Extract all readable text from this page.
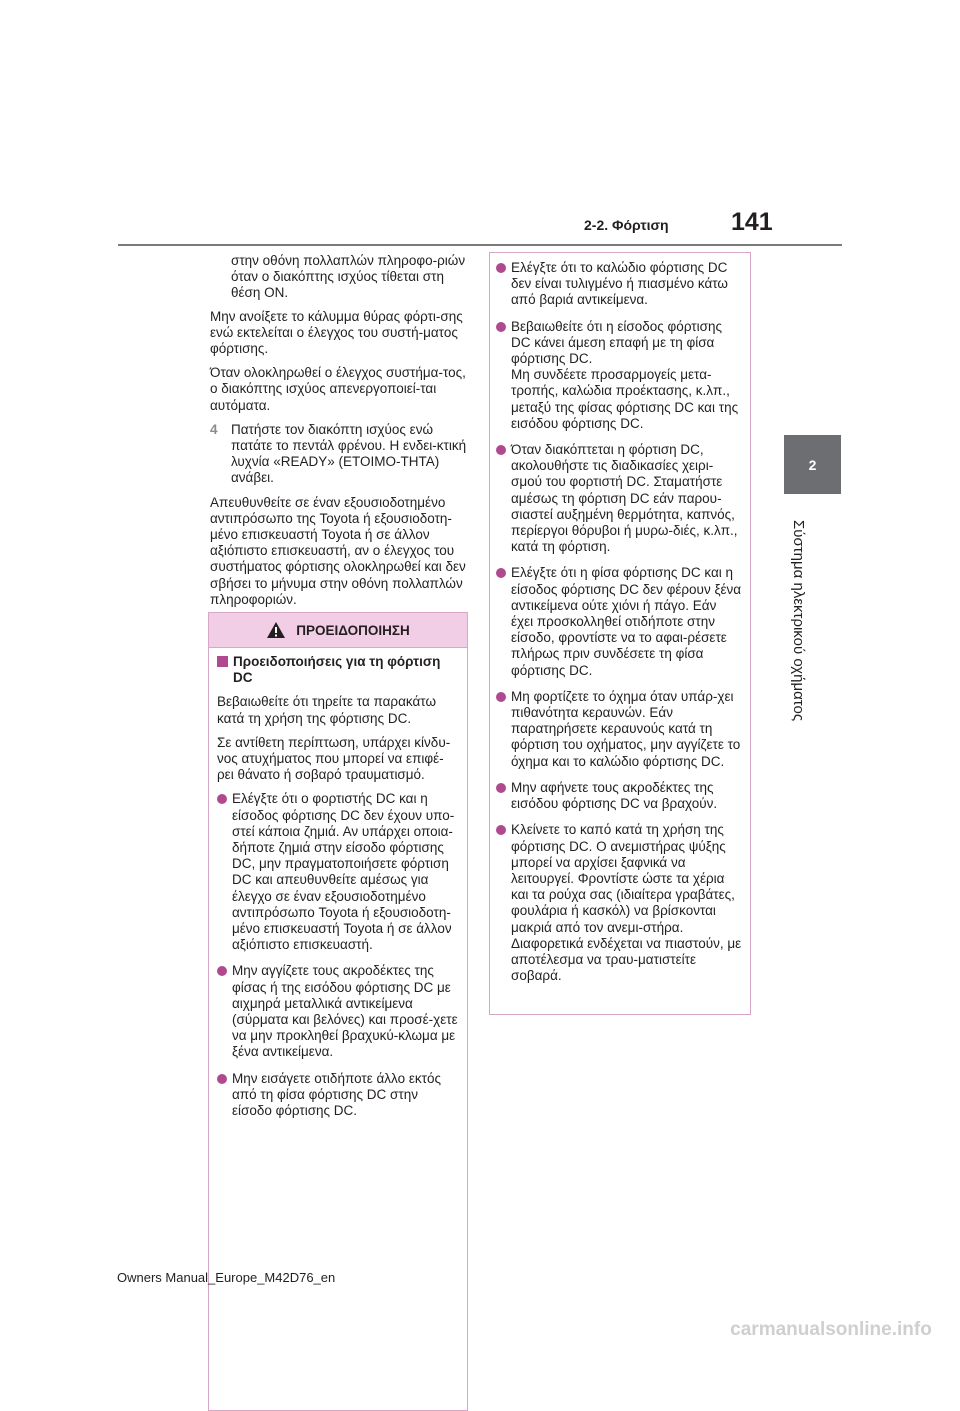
2-2. Φόρτιση 141
2
Σύστημα ηλεκτρικού οχήματος

στην οθόνη πολλαπλών πληροφο-ριών όταν ο διακόπτης ισχύος τίθεται στη θέση ON.

Μην ανοίξετε το κάλυμμα θύρας φόρτι-σης ενώ εκτελείται ο έλεγχος του συστή-ματος φόρτισης.

Όταν ολοκληρωθεί ο έλεγχος συστήμα-τος, ο διακόπτης ισχύος απενεργοποιεί-ται αυτόματα.

4 Πατήστε τον διακόπτη ισχύος ενώ πατάτε το πεντάλ φρένου. Η ενδει-κτική λυχνία «READY» (ΕΤΟΙΜΟ-ΤΗΤΑ) ανάβει.

Απευθυνθείτε σε έναν εξουσιοδοτημένο αντιπρόσωπο της Toyota ή εξουσιοδοτη-μένο επισκευαστή Toyota ή σε άλλον αξιόπιστο επισκευαστή, αν ο έλεγχος του συστήματος φόρτισης ολοκληρωθεί και δεν σβήσει το μήνυμα στην οθόνη πολλαπλών πληροφοριών.

ΠΡΟΕΙΔΟΠΟΙΗΣΗ
Προειδοποιήσεις για τη φόρτιση DC

Βεβαιωθείτε ότι τηρείτε τα παρακάτω κατά τη χρήση της φόρτισης DC.

Σε αντίθετη περίπτωση, υπάρχει κίνδυ-νος ατυχήματος που μπορεί να επιφέ-ρει θάνατο ή σοβαρό τραυματισμό.

Ελέγξτε ότι ο φορτιστής DC και η είσοδος φόρτισης DC δεν έχουν υπο-στεί κάποια ζημιά. Αν υπάρχει οποια-δήποτε ζημιά στην είσοδο φόρτισης DC, μην πραγματοποιήσετε φόρτιση DC και απευθυνθείτε αμέσως για έλεγχο σε έναν εξουσιοδοτημένο αντιπρόσωπο Toyota ή εξουσιοδοτη-μένο επισκευαστή Toyota ή σε άλλον αξιόπιστο επισκευαστή.
Μην αγγίζετε τους ακροδέκτες της φίσας ή της εισόδου φόρτισης DC με αιχμηρά μεταλλικά αντικείμενα (σύρματα και βελόνες) και προσέ-χετε να μην προκληθεί βραχυκύ-κλωμα με ξένα αντικείμενα.
Μην εισάγετε οτιδήποτε άλλο εκτός από τη φίσα φόρτισης DC στην είσοδο φόρτισης DC.
Ελέγξτε ότι το καλώδιο φόρτισης DC δεν είναι τυλιγμένο ή πιασμένο κάτω από βαριά αντικείμενα.
Βεβαιωθείτε ότι η είσοδος φόρτισης DC κάνει άμεση επαφή με τη φίσα φόρτισης DC.
Μη συνδέετε προσαρμογείς μετα-τροπής, καλώδια προέκτασης, κ.λπ., μεταξύ της φίσας φόρτισης DC και της εισόδου φόρτισης DC.
Όταν διακόπτεται η φόρτιση DC, ακολουθήστε τις διαδικασίες χειρι-σμού του φορτιστή DC. Σταματήστε αμέσως τη φόρτιση DC εάν παρου-σιαστεί αυξημένη θερμότητα, καπνός, περίεργοι θόρυβοι ή μυρω-διές, κ.λπ., κατά τη φόρτιση.
Ελέγξτε ότι η φίσα φόρτισης DC και η είσοδος φόρτισης DC δεν φέρουν ξένα αντικείμενα ούτε χιόνι ή πάγο. Εάν έχει προσκολληθεί οτιδήποτε στην είσοδο, φροντίστε να το αφαι-ρέσετε πλήρως πριν συνδέσετε τη φίσα φόρτισης DC.
Μη φορτίζετε το όχημα όταν υπάρ-χει πιθανότητα κεραυνών. Εάν παρατηρήσετε κεραυνούς κατά τη φόρτιση του οχήματος, μην αγγίζετε το όχημα και το καλώδιο φόρτισης DC.
Μην αφήνετε τους ακροδέκτες της εισόδου φόρτισης DC να βραχούν.
Κλείνετε το καπό κατά τη χρήση της φόρτισης DC. Ο ανεμιστήρας ψύξης μπορεί να αρχίσει ξαφνικά να λειτουργεί. Φροντίστε ώστε τα χέρια και τα ρούχα σας (ιδιαίτερα γραβάτες, φουλάρια ή κασκόλ) να βρίσκονται μακριά από τον ανεμι-στήρα. Διαφορετικά ενδέχεται να πιαστούν, με αποτέλεσμα να τραυ-ματιστείτε σοβαρά.
Owners Manual_Europe_M42D76_en
carmanualsonline.info
